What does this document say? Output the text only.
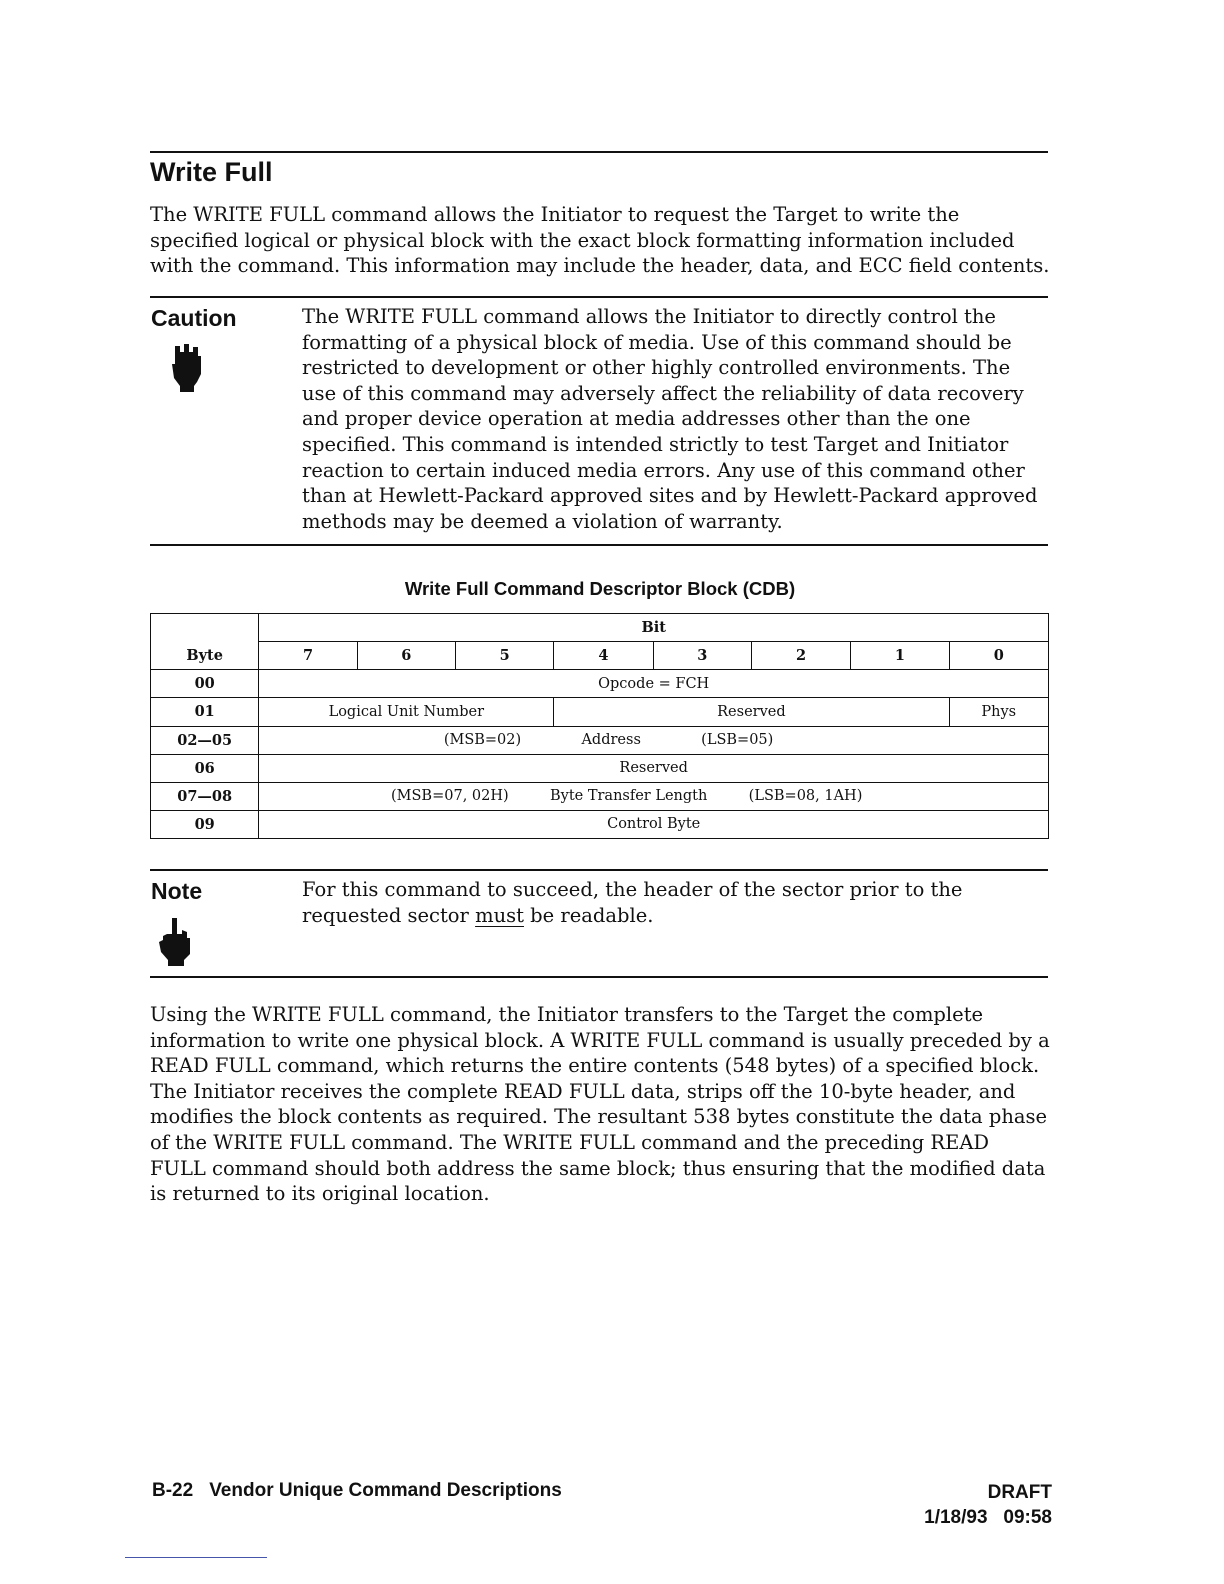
Write Full
The WRITE FULL command allows the Initiator to request the Target to write the specified logical or physical block with the exact block formatting information included with the command. This information may include the header, data, and ECC field contents.
Caution	The WRITE FULL command allows the Initiator to directly control the formatting of a physical block of media. Use of this command should be restricted to development or other highly controlled environments. The use of this command may adversely affect the reliability of data recovery and proper device operation at media addresses other than the one specified. This command is intended strictly to test Target and Initiator reaction to certain induced media errors. Any use of this command other than at Hewlett-Packard approved sites and by Hewlett-Packard approved methods may be deemed a violation of warranty.
Write Full Command Descriptor Block (CDB)
	Bit							
Byte	7	6	5	4	3	2	1	0
00	Opcode = FCH							
01	Logical Unit Number			Reserved				Phys
02—05	(MSB=02) Address (LSB=05)							

06	Reserved							
07—08	(MSB=07, 02H) Byte Transfer Length (LSB=08, 1AH)							

09	Control Byte							
Note	For this command to succeed, the header of the sector prior to the requested sector must be readable.
Using the WRITE FULL command, the Initiator transfers to the Target the complete information to write one physical block. A WRITE FULL command is usually preceded by a READ FULL command, which returns the entire contents (548 bytes) of a specified block. The Initiator receives the complete READ FULL data, strips off the 10-byte header, and modifies the block contents as required. The resultant 538 bytes constitute the data phase of the WRITE FULL command. The WRITE FULL command and the preceding READ FULL command should both address the same block; thus ensuring that the modified data is returned to its original location.
B-22 Vendor Unique Command Descriptions	DRAFT
1/18/93 09:58
